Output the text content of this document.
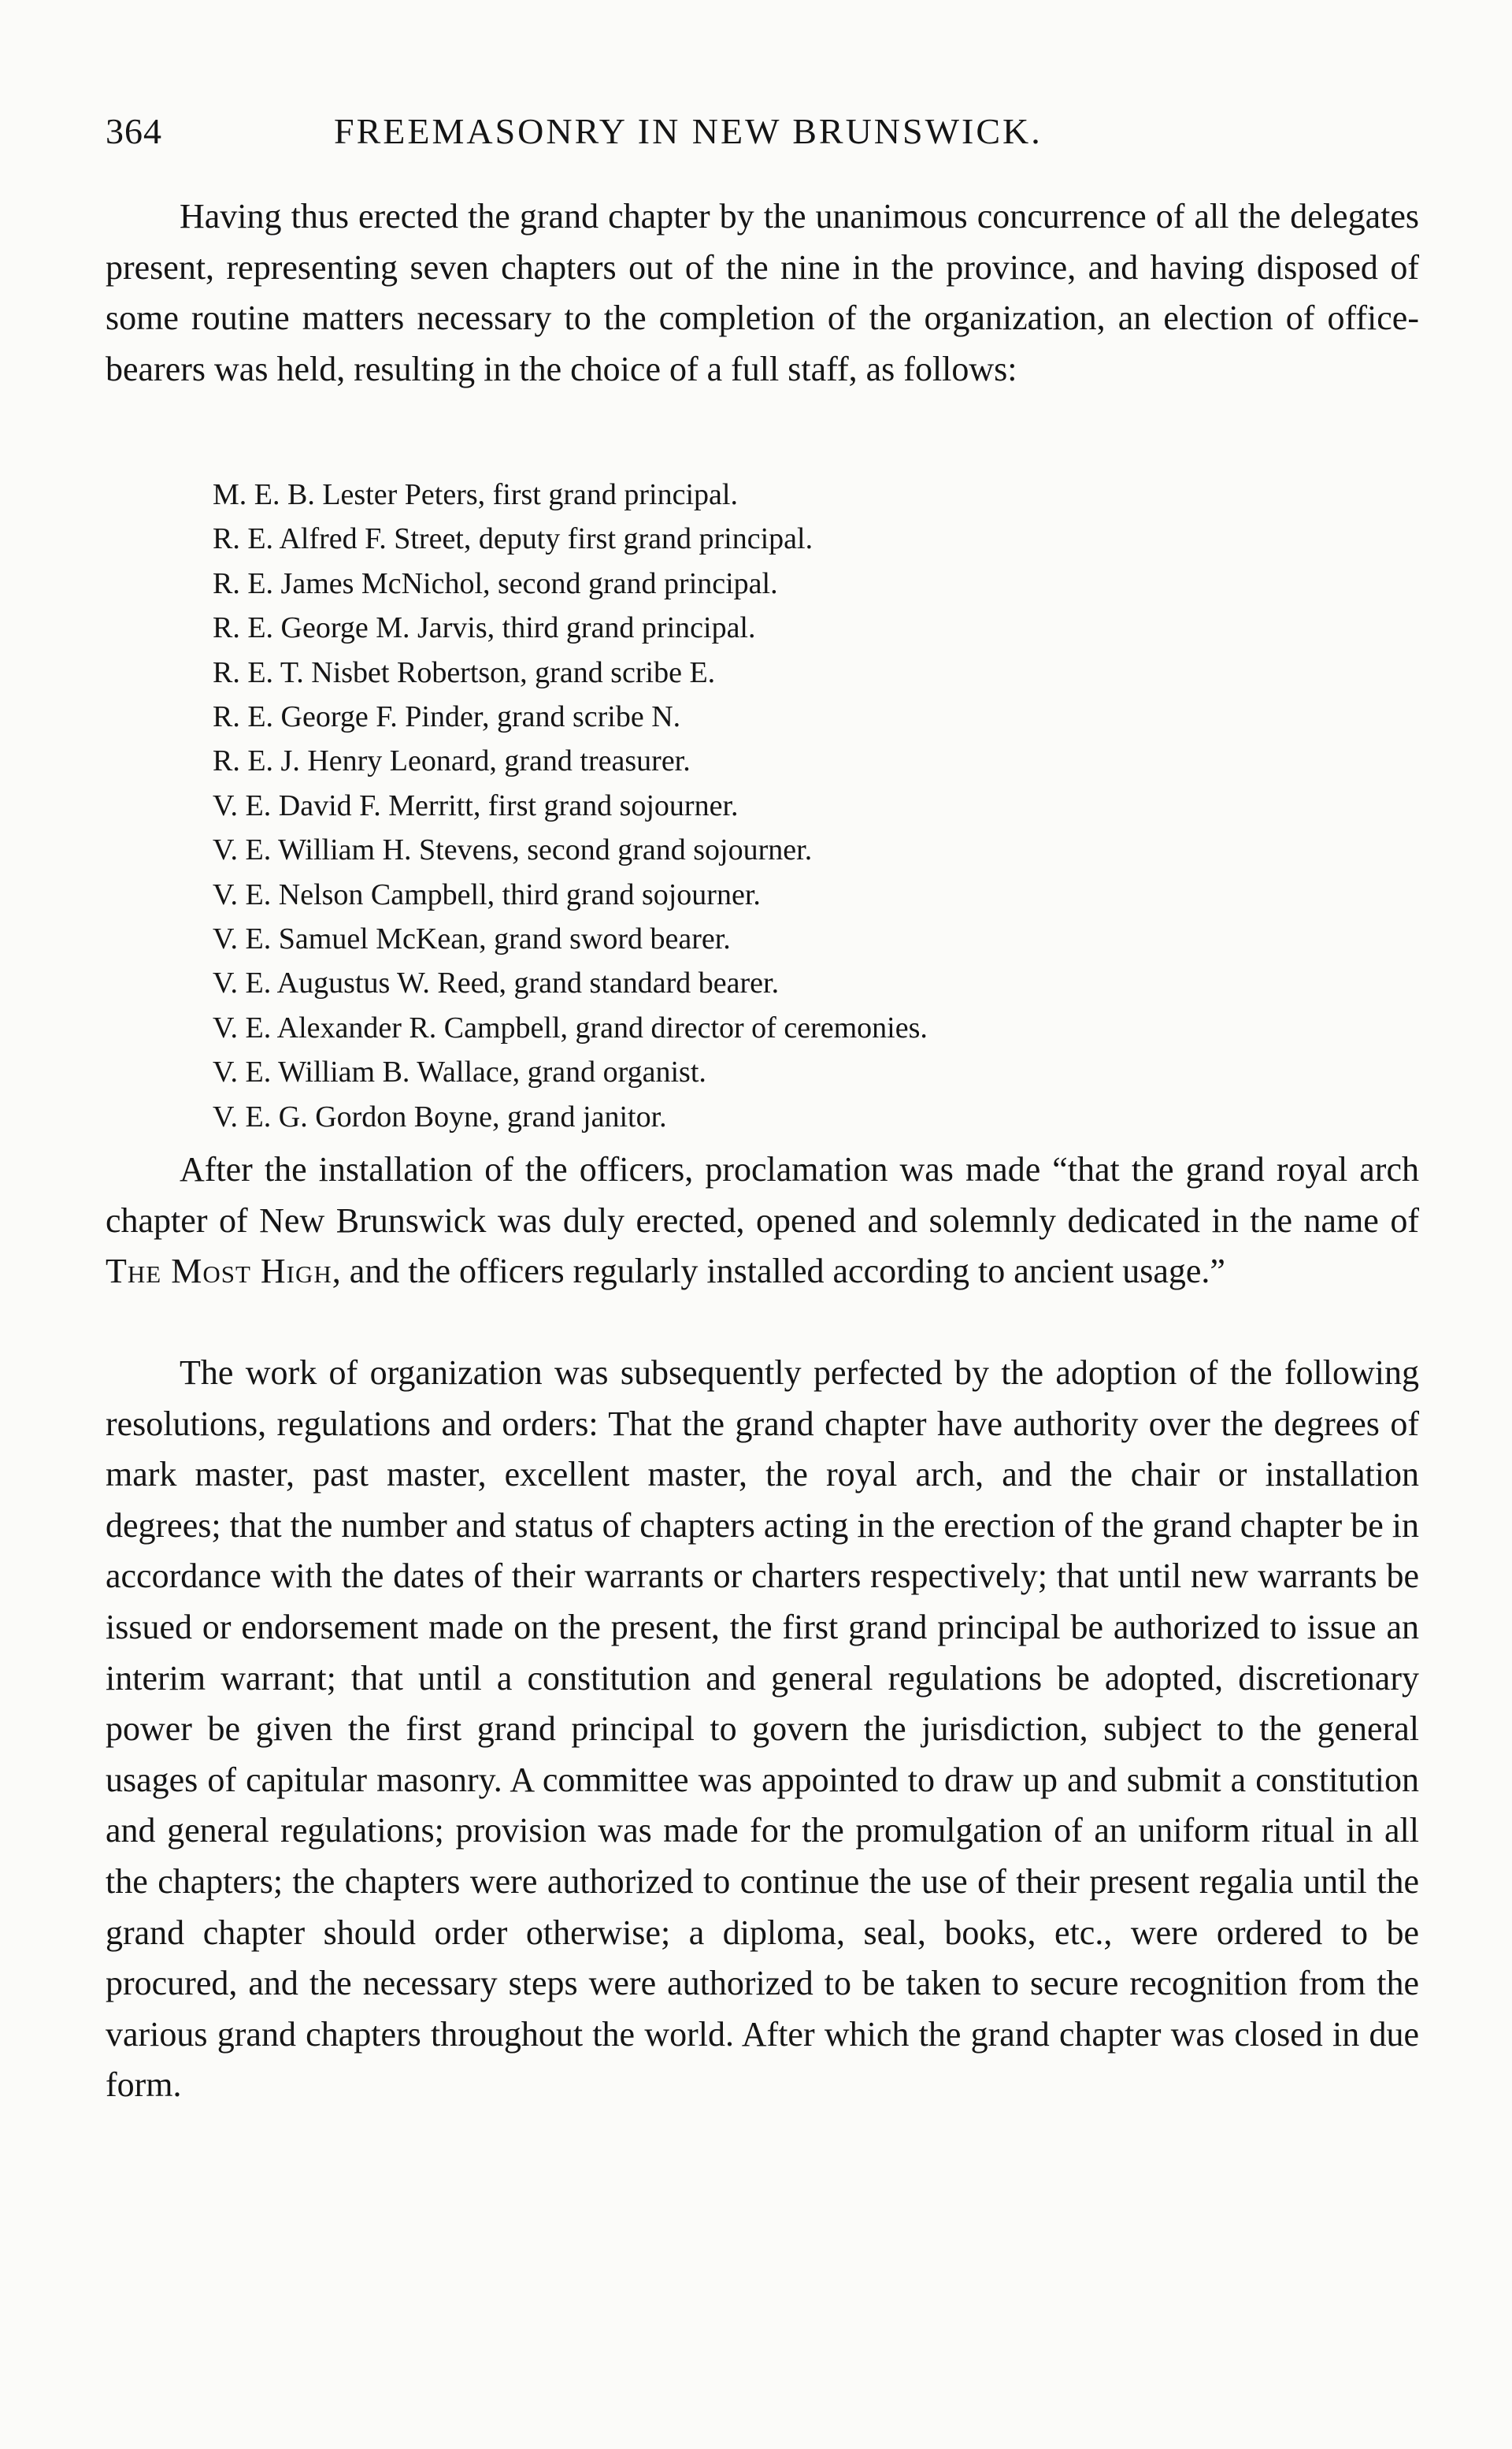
364	FREEMASONRY IN NEW BRUNSWICK.

Having thus erected the grand chapter by the unanimous concurrence of all the delegates present, representing seven chapters out of the nine in the province, and having disposed of some routine matters necessary to the completion of the organization, an election of office-bearers was held, resulting in the choice of a full staff, as follows:

M. E. B. Lester Peters, first grand principal.
R. E. Alfred F. Street, deputy first grand principal.
R. E. James McNichol, second grand principal.
R. E. George M. Jarvis, third grand principal.
R. E. T. Nisbet Robertson, grand scribe E.
R. E. George F. Pinder, grand scribe N.
R. E. J. Henry Leonard, grand treasurer.
V. E. David F. Merritt, first grand sojourner.
V. E. William H. Stevens, second grand sojourner.
V. E. Nelson Campbell, third grand sojourner.
V. E. Samuel McKean, grand sword bearer.
V. E. Augustus W. Reed, grand standard bearer.
V. E. Alexander R. Campbell, grand director of ceremonies.
V. E. William B. Wallace, grand organist.
V. E. G. Gordon Boyne, grand janitor.

After the installation of the officers, proclamation was made “that the grand royal arch chapter of New Brunswick was duly erected, opened and solemnly dedicated in the name of The Most High, and the officers regularly installed according to ancient usage.”

The work of organization was subsequently perfected by the adoption of the following resolutions, regulations and orders: That the grand chapter have authority over the degrees of mark master, past master, excellent master, the royal arch, and the chair or installation degrees; that the number and status of chapters acting in the erection of the grand chapter be in accordance with the dates of their warrants or charters respectively; that until new warrants be issued or endorsement made on the present, the first grand principal be authorized to issue an interim warrant; that until a constitution and general regulations be adopted, discretionary power be given the first grand principal to govern the jurisdiction, subject to the general usages of capitular masonry. A committee was appointed to draw up and submit a constitution and general regulations; provision was made for the promulgation of an uniform ritual in all the chapters; the chapters were authorized to continue the use of their present regalia until the grand chapter should order otherwise; a diploma, seal, books, etc., were ordered to be procured, and the necessary steps were authorized to be taken to secure recognition from the various grand chapters throughout the world. After which the grand chapter was closed in due form.
